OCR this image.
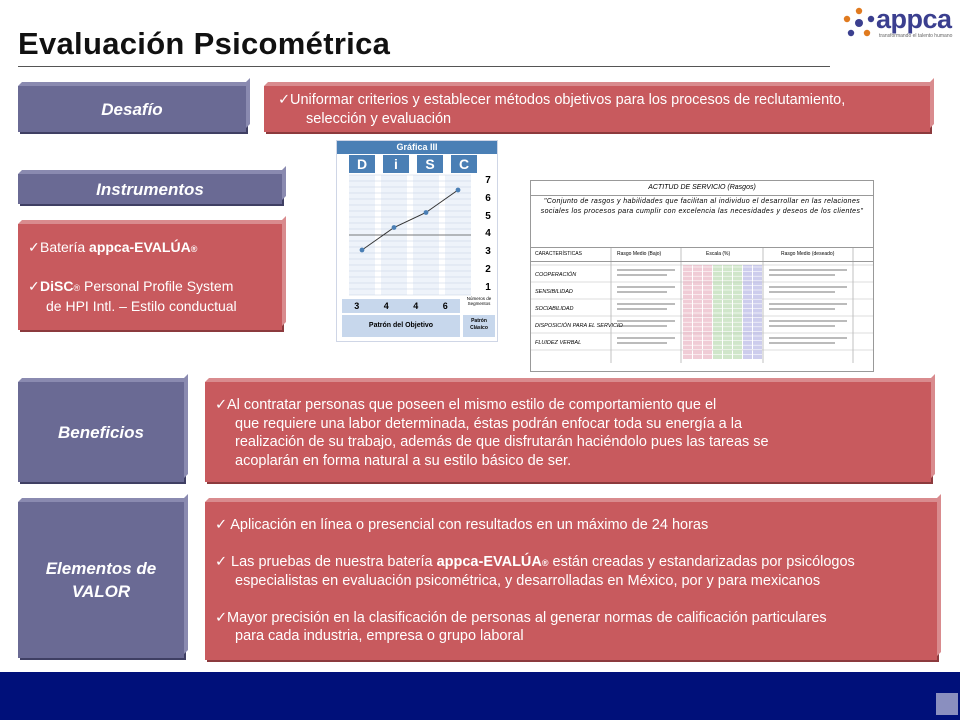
Evaluación Psicométrica
appca
transformando el talento humano
Desafío	✓Uniformar criterios y establecer métodos objetivos para los procesos de reclutamiento,
selección y evaluación
Instrumentos
✓Batería appca-EVALÚA®
✓DiSC® Personal Profile System
de HPI Intl. – Estilo conductual
Gráfica III
D	i	S	C
3	4	4	6
Números de Segmentos
Patrón del Objetivo
Patrón Clásico
7
6
5
4
3
2
1
ACTITUD DE SERVICIO (Rasgos)
"Conjunto de rasgos y habilidades que facilitan al individuo el desarrollar en las relaciones sociales los procesos para cumplir con excelencia las necesidades y deseos de los clientes"
CARACTERÍSTICAS	Rasgo Medio (Bajo)	Escala (%)	Rasgo Medio (deseado)
COOPERACIÓN
SENSIBILIDAD
SOCIABILIDAD
DISPOSICIÓN PARA EL SERVICIO
FLUIDEZ VERBAL
Beneficios
✓Al contratar personas que poseen el mismo estilo de comportamiento que el
que requiere una labor determinada, éstas podrán enfocar toda su energía a la
realización de su trabajo, además de que disfrutarán haciéndolo pues las tareas se
acoplarán en forma natural a su estilo básico de ser.
Elementos de
VALOR
✓ Aplicación en línea o presencial con resultados en un máximo de 24 horas
✓ Las pruebas de nuestra batería appca-EVALÚA® están creadas y estandarizadas por psicólogos
especialistas en evaluación psicométrica, y desarrolladas en México, por y para mexicanos
✓Mayor precisión en la clasificación de personas al generar normas de calificación particulares
para cada industria, empresa o grupo laboral
